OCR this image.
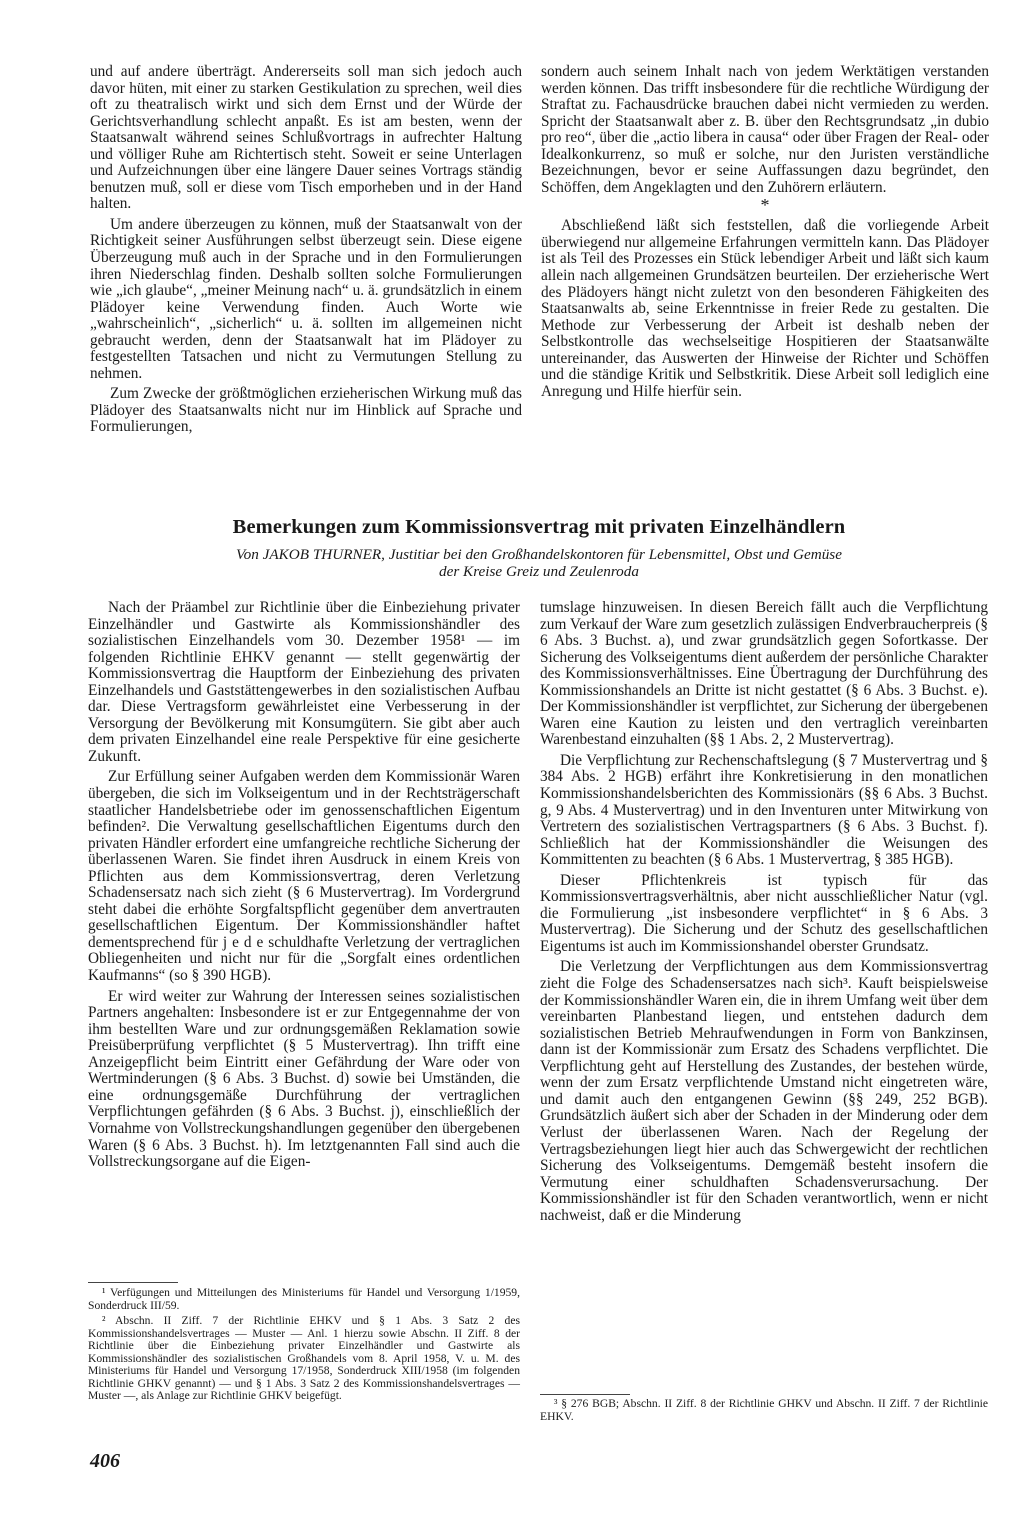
und auf andere überträgt. Andererseits soll man sich jedoch auch davor hüten, mit einer zu starken Gestikulation zu sprechen, weil dies oft zu theatralisch wirkt und sich dem Ernst und der Würde der Gerichtsverhandlung schlecht anpaßt. Es ist am besten, wenn der Staatsanwalt während seines Schlußvortrags in aufrechter Haltung und völliger Ruhe am Richtertisch steht. Soweit er seine Unterlagen und Aufzeichnungen über eine längere Dauer seines Vortrags ständig benutzen muß, soll er diese vom Tisch emporheben und in der Hand halten.

Um andere überzeugen zu können, muß der Staatsanwalt von der Richtigkeit seiner Ausführungen selbst überzeugt sein. Diese eigene Überzeugung muß auch in der Sprache und in den Formulierungen ihren Niederschlag finden. Deshalb sollten solche Formulierungen wie „ich glaube“, „meiner Meinung nach“ u. ä. grundsätzlich in einem Plädoyer keine Verwendung finden. Auch Worte wie „wahrscheinlich“, „sicherlich“ u. ä. sollten im allgemeinen nicht gebraucht werden, denn der Staatsanwalt hat im Plädoyer zu festgestellten Tatsachen und nicht zu Vermutungen Stellung zu nehmen.

Zum Zwecke der größtmöglichen erzieherischen Wirkung muß das Plädoyer des Staatsanwalts nicht nur im Hinblick auf Sprache und Formulierungen,

sondern auch seinem Inhalt nach von jedem Werktätigen verstanden werden können. Das trifft insbesondere für die rechtliche Würdigung der Straftat zu. Fachausdrücke brauchen dabei nicht vermieden zu werden. Spricht der Staatsanwalt aber z. B. über den Rechtsgrundsatz „in dubio pro reo“, über die „actio libera in causa“ oder über Fragen der Real- oder Idealkonkurrenz, so muß er solche, nur den Juristen verständliche Bezeichnungen, bevor er seine Auffassungen dazu begründet, den Schöffen, dem Angeklagten und den Zuhörern erläutern.

*

Abschließend läßt sich feststellen, daß die vorliegende Arbeit überwiegend nur allgemeine Erfahrungen vermitteln kann. Das Plädoyer ist als Teil des Prozesses ein Stück lebendiger Arbeit und läßt sich kaum allein nach allgemeinen Grundsätzen beurteilen. Der erzieherische Wert des Plädoyers hängt nicht zuletzt von den besonderen Fähigkeiten des Staatsanwalts ab, seine Erkenntnisse in freier Rede zu gestalten. Die Methode zur Verbesserung der Arbeit ist deshalb neben der Selbstkontrolle das wechselseitige Hospitieren der Staatsanwälte untereinander, das Auswerten der Hinweise der Richter und Schöffen und die ständige Kritik und Selbstkritik. Diese Arbeit soll lediglich eine Anregung und Hilfe hierfür sein.

Bemerkungen zum Kommissionsvertrag mit privaten Einzelhändlern
Von JAKOB THURNER, Justitiar bei den Großhandelskontoren für Lebensmittel, Obst und Gemüse
der Kreise Greiz und Zeulenroda

Nach der Präambel zur Richtlinie über die Einbeziehung privater Einzelhändler und Gastwirte als Kommissionshändler des sozialistischen Einzelhandels vom 30. Dezember 1958¹ — im folgenden Richtlinie EHKV genannt — stellt gegenwärtig der Kommissionsvertrag die Hauptform der Einbeziehung des privaten Einzelhandels und Gaststättengewerbes in den sozialistischen Aufbau dar. Diese Vertragsform gewährleistet eine Verbesserung in der Versorgung der Bevölkerung mit Konsumgütern. Sie gibt aber auch dem privaten Einzelhandel eine reale Perspektive für eine gesicherte Zukunft.

Zur Erfüllung seiner Aufgaben werden dem Kommissionär Waren übergeben, die sich im Volkseigentum und in der Rechtsträgerschaft staatlicher Handelsbetriebe oder im genossenschaftlichen Eigentum befinden². Die Verwaltung gesellschaftlichen Eigentums durch den privaten Händler erfordert eine umfangreiche rechtliche Sicherung der überlassenen Waren. Sie findet ihren Ausdruck in einem Kreis von Pflichten aus dem Kommissionsvertrag, deren Verletzung Schadensersatz nach sich zieht (§ 6 Mustervertrag). Im Vordergrund steht dabei die erhöhte Sorgfaltspflicht gegenüber dem anvertrauten gesellschaftlichen Eigentum. Der Kommissionshändler haftet dementsprechend für j e d e schuldhafte Verletzung der vertraglichen Obliegenheiten und nicht nur für die „Sorgfalt eines ordentlichen Kaufmanns“ (so § 390 HGB).

Er wird weiter zur Wahrung der Interessen seines sozialistischen Partners angehalten: Insbesondere ist er zur Entgegennahme der von ihm bestellten Ware und zur ordnungsgemäßen Reklamation sowie Preisüberprüfung verpflichtet (§ 5 Mustervertrag). Ihn trifft eine Anzeigepflicht beim Eintritt einer Gefährdung der Ware oder von Wertminderungen (§ 6 Abs. 3 Buchst. d) sowie bei Umständen, die eine ordnungsgemäße Durchführung der vertraglichen Verpflichtungen gefährden (§ 6 Abs. 3 Buchst. j), einschließlich der Vornahme von Vollstreckungshandlungen gegenüber den übergebenen Waren (§ 6 Abs. 3 Buchst. h). Im letztgenannten Fall sind auch die Vollstreckungsorgane auf die Eigen-

tumslage hinzuweisen. In diesen Bereich fällt auch die Verpflichtung zum Verkauf der Ware zum gesetzlich zulässigen Endverbraucherpreis (§ 6 Abs. 3 Buchst. a), und zwar grundsätzlich gegen Sofortkasse. Der Sicherung des Volkseigentums dient außerdem der persönliche Charakter des Kommissionsverhältnisses. Eine Übertragung der Durchführung des Kommissionshandels an Dritte ist nicht gestattet (§ 6 Abs. 3 Buchst. e). Der Kommissionshändler ist verpflichtet, zur Sicherung der übergebenen Waren eine Kaution zu leisten und den vertraglich vereinbarten Warenbestand einzuhalten (§§ 1 Abs. 2, 2 Mustervertrag).

Die Verpflichtung zur Rechenschaftslegung (§ 7 Mustervertrag und § 384 Abs. 2 HGB) erfährt ihre Konkretisierung in den monatlichen Kommissionshandelsberichten des Kommissionärs (§§ 6 Abs. 3 Buchst. g, 9 Abs. 4 Mustervertrag) und in den Inventuren unter Mitwirkung von Vertretern des sozialistischen Vertragspartners (§ 6 Abs. 3 Buchst. f). Schließlich hat der Kommissionshändler die Weisungen des Kommittenten zu beachten (§ 6 Abs. 1 Mustervertrag, § 385 HGB).

Dieser Pflichtenkreis ist typisch für das Kommissionsvertragsverhältnis, aber nicht ausschließlicher Natur (vgl. die Formulierung „ist insbesondere verpflichtet“ in § 6 Abs. 3 Mustervertrag). Die Sicherung und der Schutz des gesellschaftlichen Eigentums ist auch im Kommissionshandel oberster Grundsatz.

Die Verletzung der Verpflichtungen aus dem Kommissionsvertrag zieht die Folge des Schadensersatzes nach sich³. Kauft beispielsweise der Kommissionshändler Waren ein, die in ihrem Umfang weit über dem vereinbarten Planbestand liegen, und entstehen dadurch dem sozialistischen Betrieb Mehraufwendungen in Form von Bankzinsen, dann ist der Kommissionär zum Ersatz des Schadens verpflichtet. Die Verpflichtung geht auf Herstellung des Zustandes, der bestehen würde, wenn der zum Ersatz verpflichtende Umstand nicht eingetreten wäre, und damit auch den entgangenen Gewinn (§§ 249, 252 BGB). Grundsätzlich äußert sich aber der Schaden in der Minderung oder dem Verlust der überlassenen Waren. Nach der Regelung der Vertragsbeziehungen liegt hier auch das Schwergewicht der rechtlichen Sicherung des Volkseigentums. Demgemäß besteht insofern die Vermutung einer schuldhaften Schadensverursachung. Der Kommissionshändler ist für den Schaden verantwortlich, wenn er nicht nachweist, daß er die Minderung

¹ Verfügungen und Mitteilungen des Ministeriums für Handel und Versorgung 1/1959, Sonderdruck III/59.

² Abschn. II Ziff. 7 der Richtlinie EHKV und § 1 Abs. 3 Satz 2 des Kommissionshandelsvertrages — Muster — Anl. 1 hierzu sowie Abschn. II Ziff. 8 der Richtlinie über die Einbeziehung privater Einzelhändler und Gastwirte als Kommissionshändler des sozialistischen Großhandels vom 8. April 1958, V. u. M. des Ministeriums für Handel und Versorgung 17/1958, Sonderdruck XIII/1958 (im folgenden Richtlinie GHKV genannt) — und § 1 Abs. 3 Satz 2 des Kommissionshandelsvertrages — Muster —, als Anlage zur Richtlinie GHKV beigefügt.

³ § 276 BGB; Abschn. II Ziff. 8 der Richtlinie GHKV und Abschn. II Ziff. 7 der Richtlinie EHKV.

406
